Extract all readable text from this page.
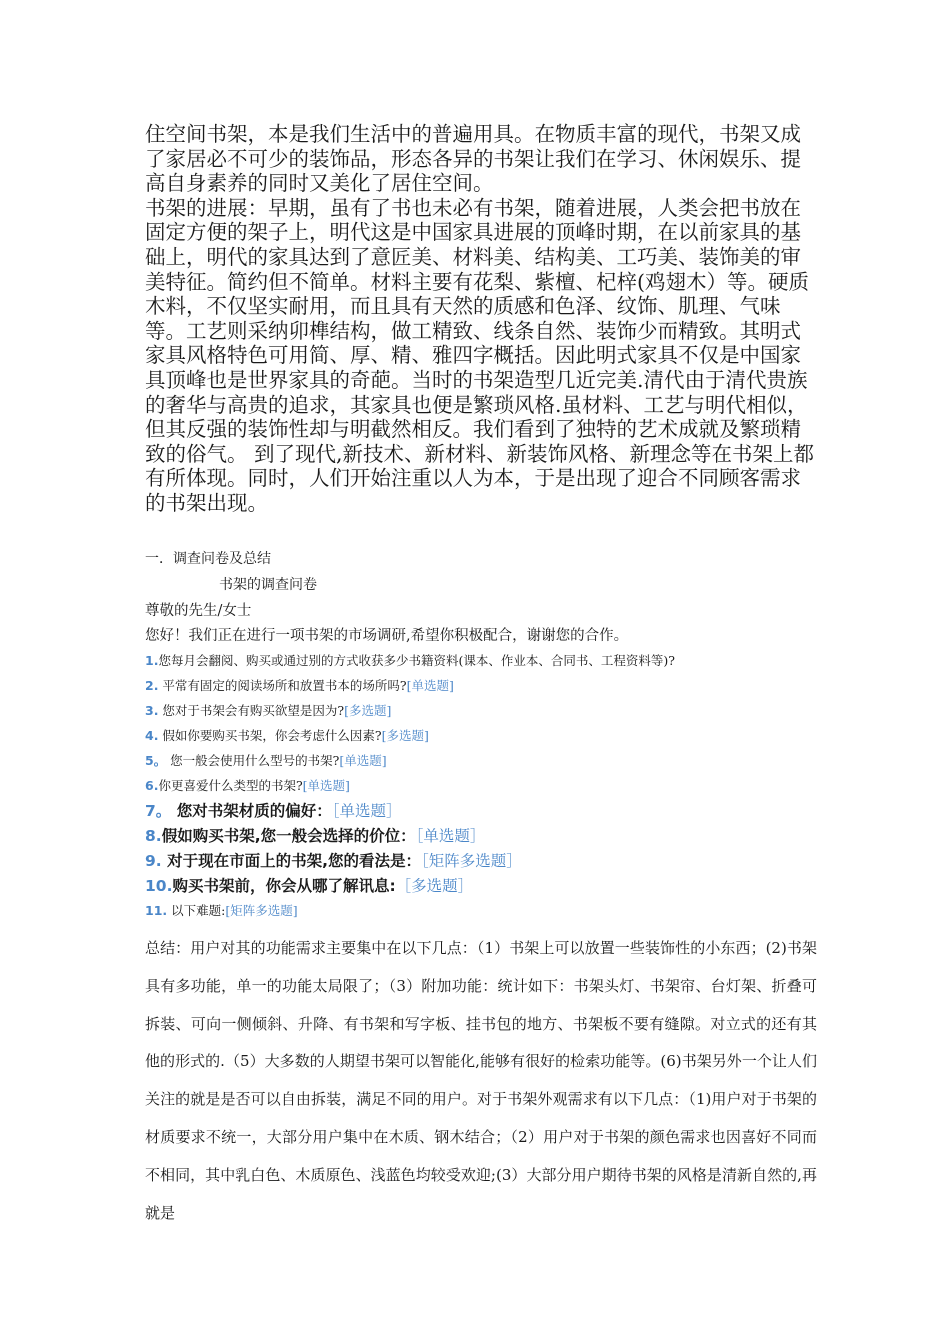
住空间书架，本是我们生活中的普遍用具。在物质丰富的现代，书架又成了家居必不可少的装饰品，形态各异的书架让我们在学习、休闲娱乐、提高自身素养的同时又美化了居住空间。

书架的进展：早期，虽有了书也未必有书架，随着进展，人类会把书放在固定方便的架子上，明代这是中国家具进展的顶峰时期，在以前家具的基础上，明代的家具达到了意匠美、材料美、结构美、工巧美、装饰美的审美特征。简约但不简单。材料主要有花梨、紫檀、杞梓(鸡翅木）等。硬质木料，不仅坚实耐用，而且具有天然的质感和色泽、纹饰、肌理、气味等。工艺则采纳卯榫结构，做工精致、线条自然、装饰少而精致。其明式家具风格特色可用简、厚、精、雅四字概括。因此明式家具不仅是中国家具顶峰也是世界家具的奇葩。当时的书架造型几近完美.清代由于清代贵族的奢华与高贵的追求，其家具也便是繁琐风格.虽材料、工艺与明代相似，但其反强的装饰性却与明截然相反。我们看到了独特的艺术成就及繁琐精致的俗气。 到了现代,新技术、新材料、新装饰风格、新理念等在书架上都有所体现。同时，人们开始注重以人为本，于是出现了迎合不同顾客需求的书架出现。

一．调查问卷及总结

书架的调查问卷

尊敬的先生/女士

您好！我们正在进行一项书架的市场调研,希望你积极配合，谢谢您的合作。

1.您每月会翻阅、购买或通过别的方式收获多少书籍资料(课本、作业本、合同书、工程资料等)?

2. 平常有固定的阅读场所和放置书本的场所吗?[单选题]

3. 您对于书架会有购买欲望是因为?[多选题]

4. 假如你要购买书架，你会考虑什么因素?[多选题]

5。 您一般会使用什么型号的书架?[单选题]

6.你更喜爱什么类型的书架?[单选题]

7。 您对书架材质的偏好：［单选题］

8.假如购买书架,您一般会选择的价位：［单选题］

9. 对于现在市面上的书架,您的看法是：［矩阵多选题］

10.购买书架前，你会从哪了解讯息:［多选题］

11. 以下难题:[矩阵多选题]

总结：用户对其的功能需求主要集中在以下几点：（1）书架上可以放置一些装饰性的小东西；(2)书架具有多功能，单一的功能太局限了；（3）附加功能：统计如下：书架头灯、书架帘、台灯架、折叠可拆装、可向一侧倾斜、升降、有书架和写字板、挂书包的地方、书架板不要有缝隙。对立式的还有其他的形式的.（5）大多数的人期望书架可以智能化,能够有很好的检索功能等。(6)书架另外一个让人们关注的就是是否可以自由拆装，满足不同的用户。对于书架外观需求有以下几点：（1)用户对于书架的材质要求不统一，大部分用户集中在木质、钢木结合；（2）用户对于书架的颜色需求也因喜好不同而不相同，其中乳白色、木质原色、浅蓝色均较受欢迎;(3）大部分用户期待书架的风格是清新自然的,再就是
